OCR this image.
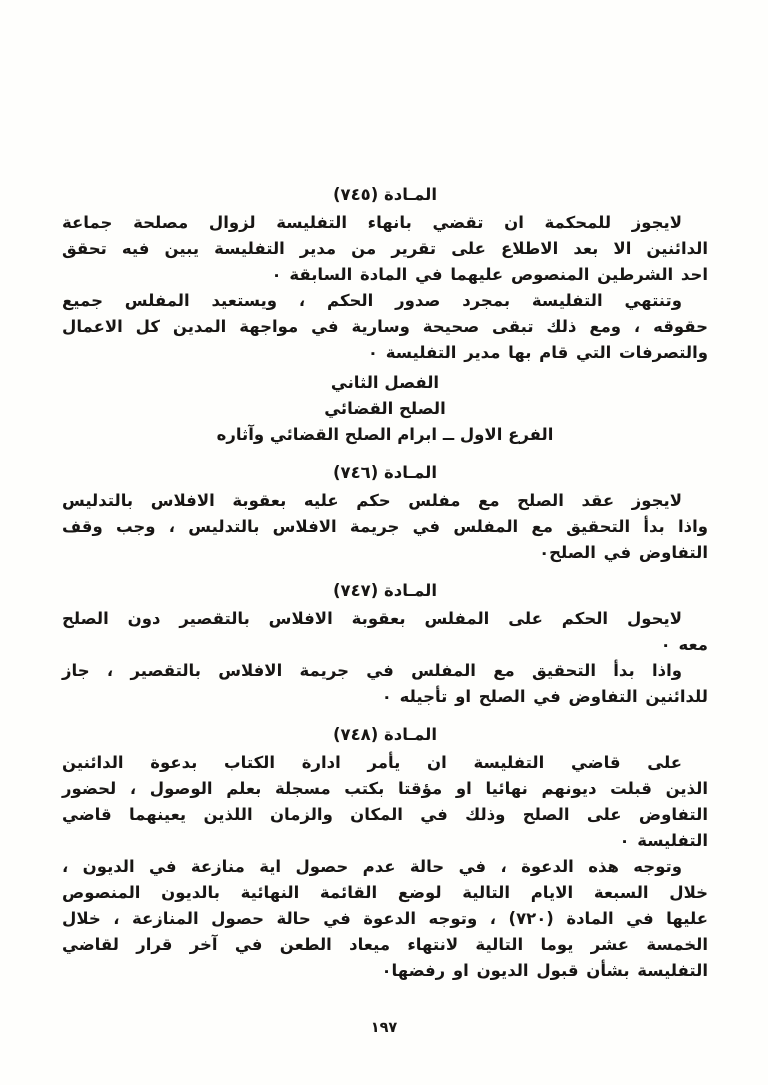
المـادة (٧٤٥)
لايجوز للمحكمة ان تقضي بانهاء التفليسة لزوال مصلحة جماعة
الدائنين الا بعد الاطلاع على تقرير من مدير التفليسة يبين فيه تحقق
احد الشرطين المنصوص عليهما في المادة السابقة ٠
وتنتهي التفليسة بمجرد صدور الحكم ، ويستعيد المفلس جميع
حقوقه ، ومع ذلك تبقى صحيحة وسارية في مواجهة المدين كل الاعمال
والتصرفات التي قام بها مدير التفليسة ٠
الفصل الثاني
الصلح القضائي
الفرع الاول ــ ابرام الصلح القضائي وآثاره
المـادة (٧٤٦)
لايجوز عقد الصلح مع مفلس حكم عليه بعقوبة الافلاس بالتدليس
واذا بدأ التحقيق مع المفلس في جريمة الافلاس بالتدليس ، وجب وقف
التفاوض في الصلح٠
المـادة (٧٤٧)
لايحول الحكم على المفلس بعقوبة الافلاس بالتقصير دون الصلح
معه ٠
واذا بدأ التحقيق مع المفلس في جريمة الافلاس بالتقصير ، جاز
للدائنين التفاوض في الصلح او تأجيله ٠
المـادة (٧٤٨)
على قاضي التفليسة ان يأمر ادارة الكتاب بدعوة الدائنين
الذين قبلت ديونهم نهائيا او مؤقتا بكتب مسجلة بعلم الوصول ، لحضور
التفاوض على الصلح وذلك في المكان والزمان اللذين يعينهما قاضي
التفليسة ٠
وتوجه هذه الدعوة ، في حالة عدم حصول اية منازعة في الديون ،
خلال السبعة الايام التالية لوضع القائمة النهائية بالديون المنصوص
عليها في المادة (٧٢٠) ، وتوجه الدعوة في حالة حصول المنازعة ، خلال
الخمسة عشر يوما التالية لانتهاء ميعاد الطعن في آخر قرار لقاضي
التفليسة بشأن قبول الديون او رفضها٠
١٩٧
